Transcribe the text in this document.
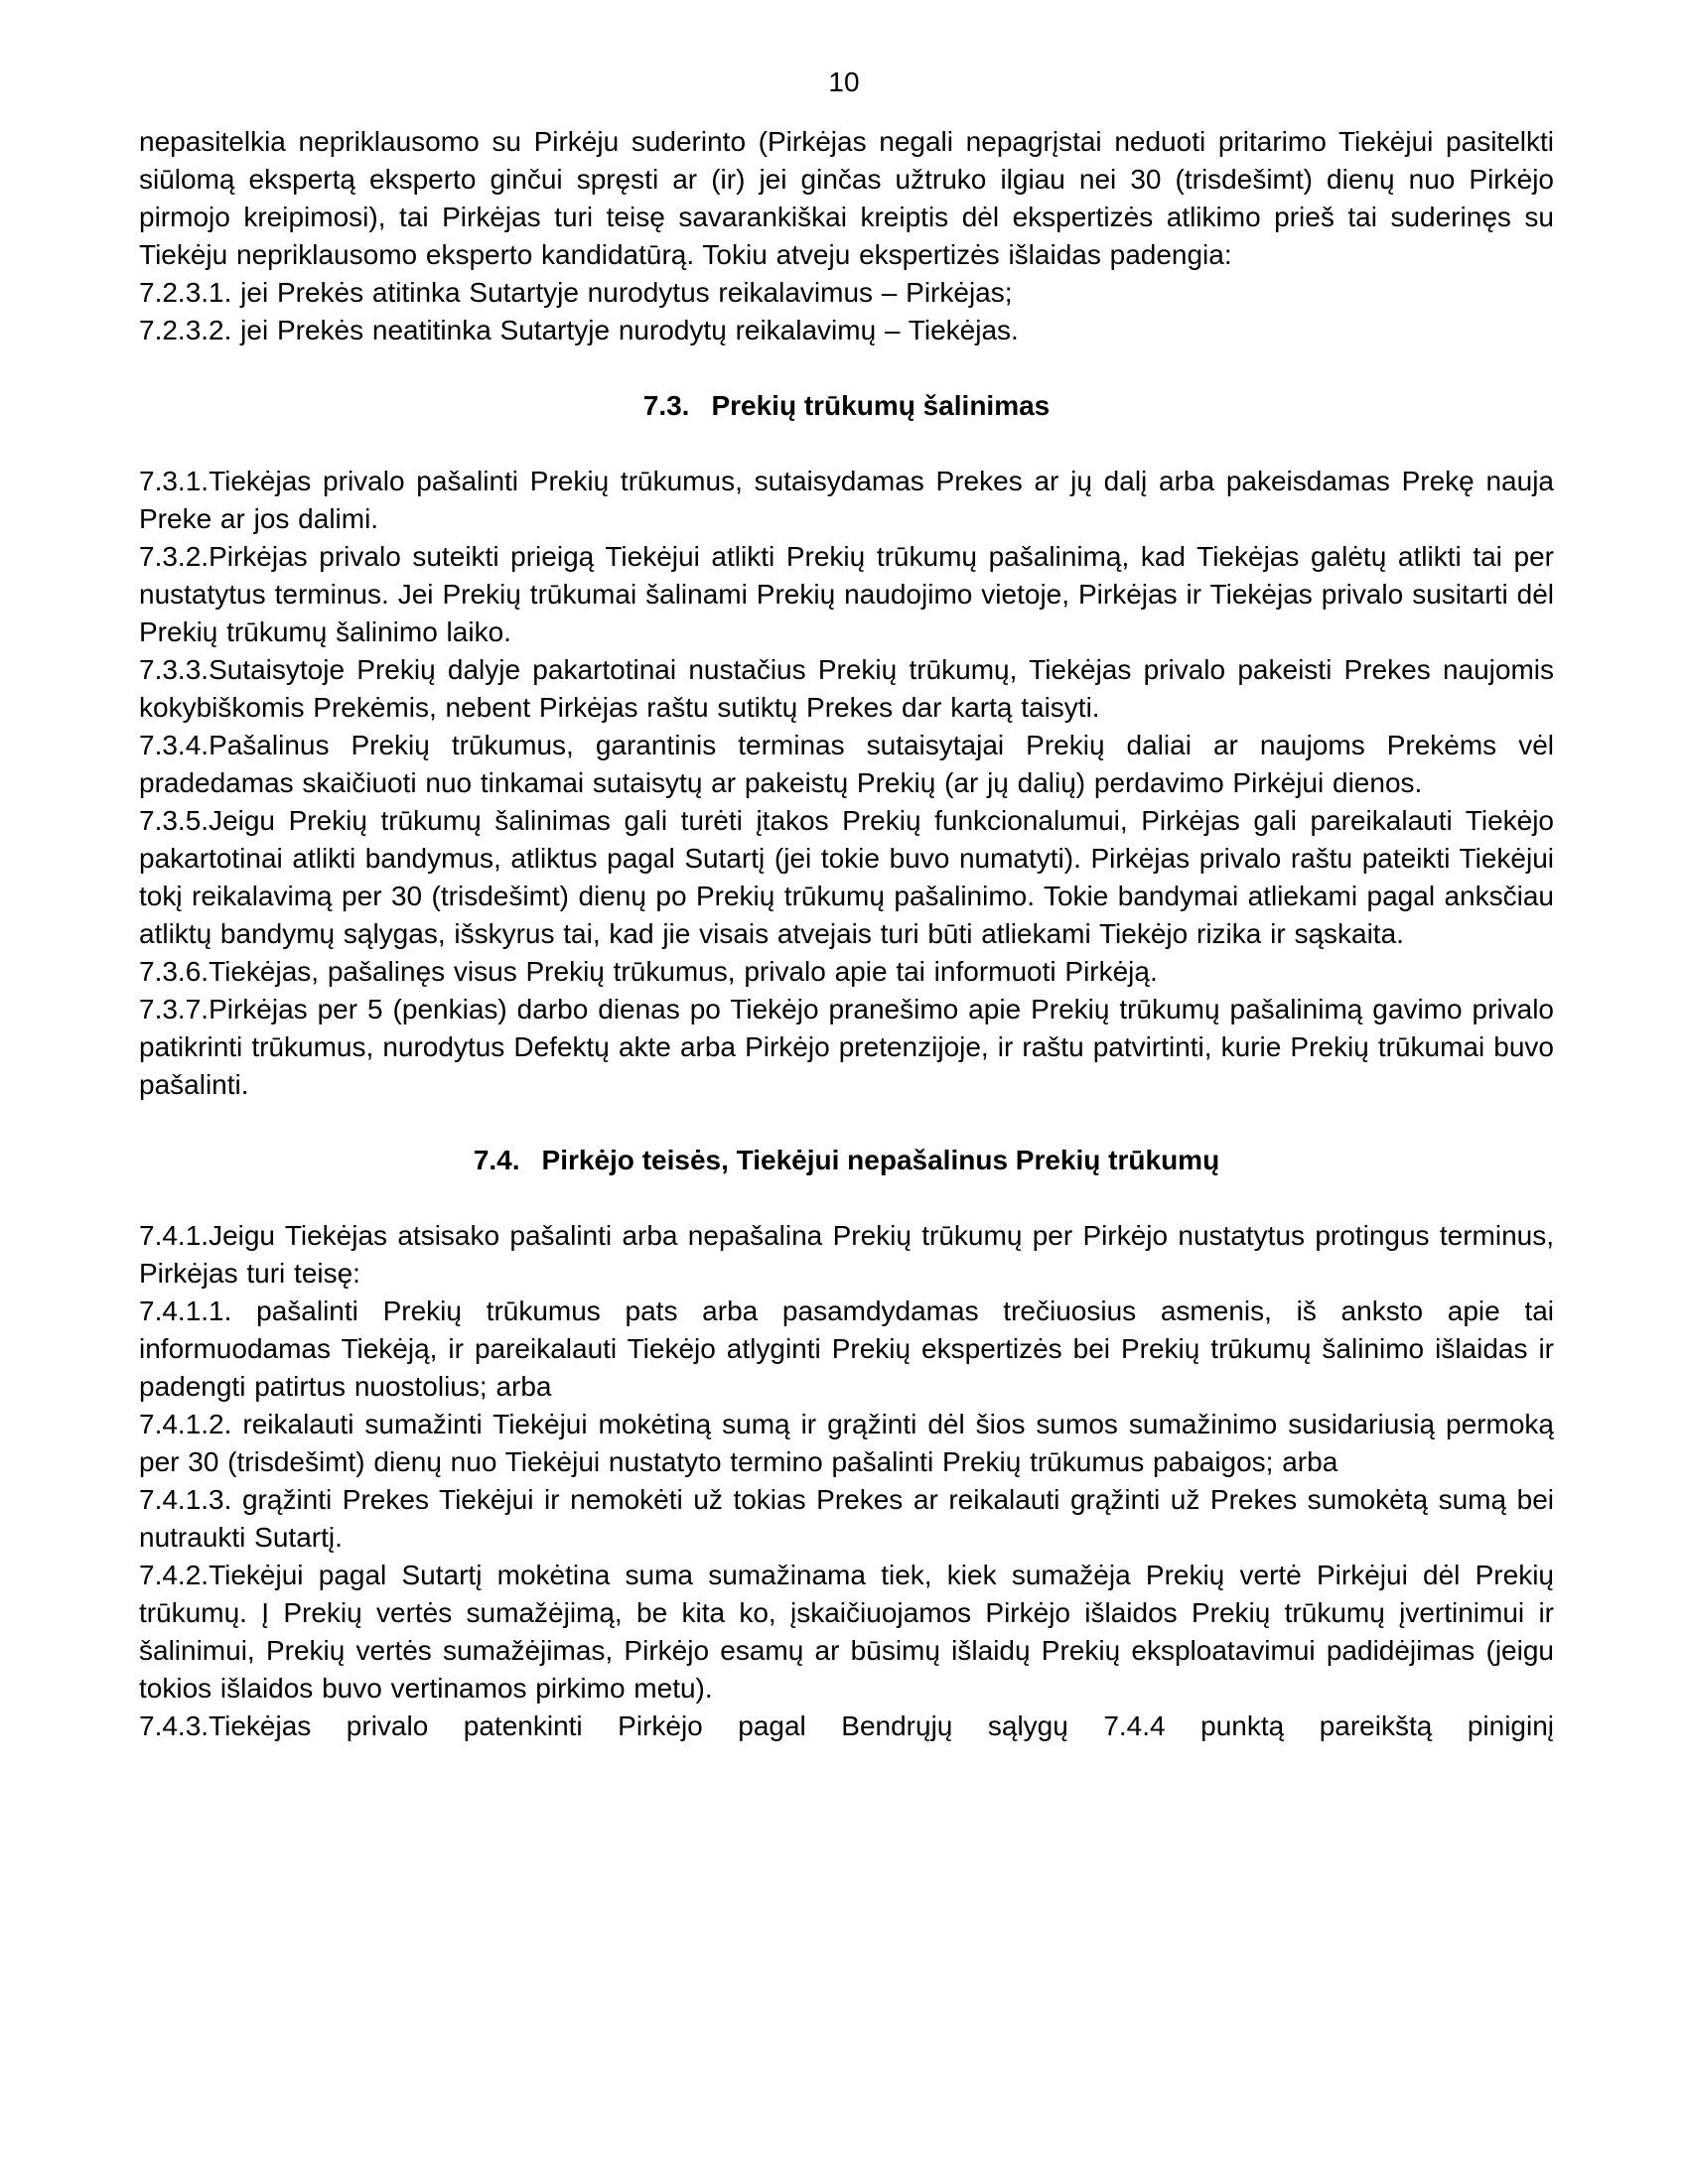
10

nepasitelkia nepriklausomo su Pirkėju suderinto (Pirkėjas negali nepagrįstai neduoti pritarimo Tiekėjui pasitelkti siūlomą ekspertą eksperto ginčui spręsti ar (ir) jei ginčas užtruko ilgiau nei 30 (trisdešimt) dienų nuo Pirkėjo pirmojo kreipimosi), tai Pirkėjas turi teisę savarankiškai kreiptis dėl ekspertizės atlikimo prieš tai suderinęs su Tiekėju nepriklausomo eksperto kandidatūrą. Tokiu atveju ekspertizės išlaidas padengia:

7.2.3.1. jei Prekės atitinka Sutartyje nurodytus reikalavimus – Pirkėjas;

7.2.3.2. jei Prekės neatitinka Sutartyje nurodytų reikalavimų – Tiekėjas.

7.3. Prekių trūkumų šalinimas

7.3.1.Tiekėjas privalo pašalinti Prekių trūkumus, sutaisydamas Prekes ar jų dalį arba pakeisdamas Prekę nauja Preke ar jos dalimi.

7.3.2.Pirkėjas privalo suteikti prieigą Tiekėjui atlikti Prekių trūkumų pašalinimą, kad Tiekėjas galėtų atlikti tai per nustatytus terminus. Jei Prekių trūkumai šalinami Prekių naudojimo vietoje, Pirkėjas ir Tiekėjas privalo susitarti dėl Prekių trūkumų šalinimo laiko.

7.3.3.Sutaisytoje Prekių dalyje pakartotinai nustačius Prekių trūkumų, Tiekėjas privalo pakeisti Prekes naujomis kokybiškomis Prekėmis, nebent Pirkėjas raštu sutiktų Prekes dar kartą taisyti.

7.3.4.Pašalinus Prekių trūkumus, garantinis terminas sutaisytajai Prekių daliai ar naujoms Prekėms vėl pradedamas skaičiuoti nuo tinkamai sutaisytų ar pakeistų Prekių (ar jų dalių) perdavimo Pirkėjui dienos.

7.3.5.Jeigu Prekių trūkumų šalinimas gali turėti įtakos Prekių funkcionalumui, Pirkėjas gali pareikalauti Tiekėjo pakartotinai atlikti bandymus, atliktus pagal Sutartį (jei tokie buvo numatyti). Pirkėjas privalo raštu pateikti Tiekėjui tokį reikalavimą per 30 (trisdešimt) dienų po Prekių trūkumų pašalinimo. Tokie bandymai atliekami pagal anksčiau atliktų bandymų sąlygas, išskyrus tai, kad jie visais atvejais turi būti atliekami Tiekėjo rizika ir sąskaita.

7.3.6.Tiekėjas, pašalinęs visus Prekių trūkumus, privalo apie tai informuoti Pirkėją.

7.3.7.Pirkėjas per 5 (penkias) darbo dienas po Tiekėjo pranešimo apie Prekių trūkumų pašalinimą gavimo privalo patikrinti trūkumus, nurodytus Defektų akte arba Pirkėjo pretenzijoje, ir raštu patvirtinti, kurie Prekių trūkumai buvo pašalinti.

7.4. Pirkėjo teisės, Tiekėjui nepašalinus Prekių trūkumų

7.4.1.Jeigu Tiekėjas atsisako pašalinti arba nepašalina Prekių trūkumų per Pirkėjo nustatytus protingus terminus, Pirkėjas turi teisę:

7.4.1.1. pašalinti Prekių trūkumus pats arba pasamdydamas trečiuosius asmenis, iš anksto apie tai informuodamas Tiekėją, ir pareikalauti Tiekėjo atlyginti Prekių ekspertizės bei Prekių trūkumų šalinimo išlaidas ir padengti patirtus nuostolius; arba

7.4.1.2. reikalauti sumažinti Tiekėjui mokėtiną sumą ir grąžinti dėl šios sumos sumažinimo susidariusią permoką per 30 (trisdešimt) dienų nuo Tiekėjui nustatyto termino pašalinti Prekių trūkumus pabaigos; arba

7.4.1.3. grąžinti Prekes Tiekėjui ir nemokėti už tokias Prekes ar reikalauti grąžinti už Prekes sumokėtą sumą bei nutraukti Sutartį.

7.4.2.Tiekėjui pagal Sutartį mokėtina suma sumažinama tiek, kiek sumažėja Prekių vertė Pirkėjui dėl Prekių trūkumų. Į Prekių vertės sumažėjimą, be kita ko, įskaičiuojamos Pirkėjo išlaidos Prekių trūkumų įvertinimui ir šalinimui, Prekių vertės sumažėjimas, Pirkėjo esamų ar būsimų išlaidų Prekių eksploatavimui padidėjimas (jeigu tokios išlaidos buvo vertinamos pirkimo metu).

7.4.3.Tiekėjas privalo patenkinti Pirkėjo pagal Bendrųjų sąlygų 7.4.4 punktą pareikštą piniginį
